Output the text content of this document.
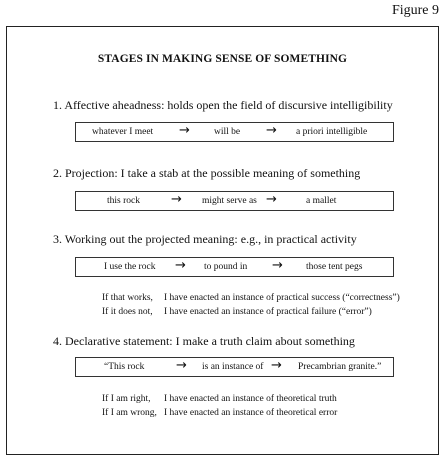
Figure 9
STAGES IN MAKING SENSE OF SOMETHING
1. Affective aheadness: holds open the field of discursive intelligibility
whatever I meet →	will be → a priori intelligible
2. Projection: I take a stab at the possible meaning of something
this rock → might serve as →	a mallet
3. Working out the projected meaning: e.g., in practical activity
I use the rock → to pound in → those tent pegs
If that works, I have enacted an instance of practical success (“correctness”)
If it does not, I have enacted an instance of practical failure (“error”)
4. Declarative statement: I make a truth claim about something
“This rock → is an instance of → Precambrian granite.”
If I am right, I have enacted an instance of theoretical truth
If I am wrong, I have enacted an instance of theoretical error
